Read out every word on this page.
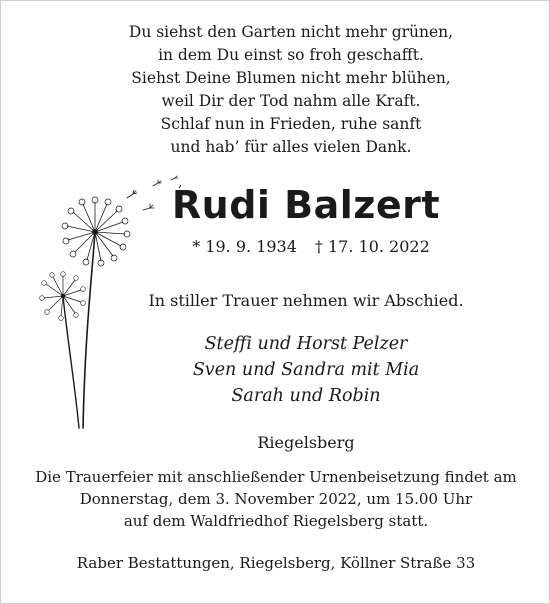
Du siehst den Garten nicht mehr grünen,
in dem Du einst so froh geschafft.
Siehst Deine Blumen nicht mehr blühen,
weil Dir der Tod nahm alle Kraft.
Schlaf nun in Frieden, ruhe sanft
und hab’ für alles vielen Dank.
Rudi Balzert
* 19. 9. 1934 † 17. 10. 2022
In stiller Trauer nehmen wir Abschied.
Steffi und Horst Pelzer
Sven und Sandra mit Mia
Sarah und Robin
Riegelsberg
Die Trauerfeier mit anschließender Urnenbeisetzung findet am
Donnerstag, dem 3. November 2022, um 15.00 Uhr
auf dem Waldfriedhof Riegelsberg statt.
Raber Bestattungen, Riegelsberg, Köllner Straße 33
